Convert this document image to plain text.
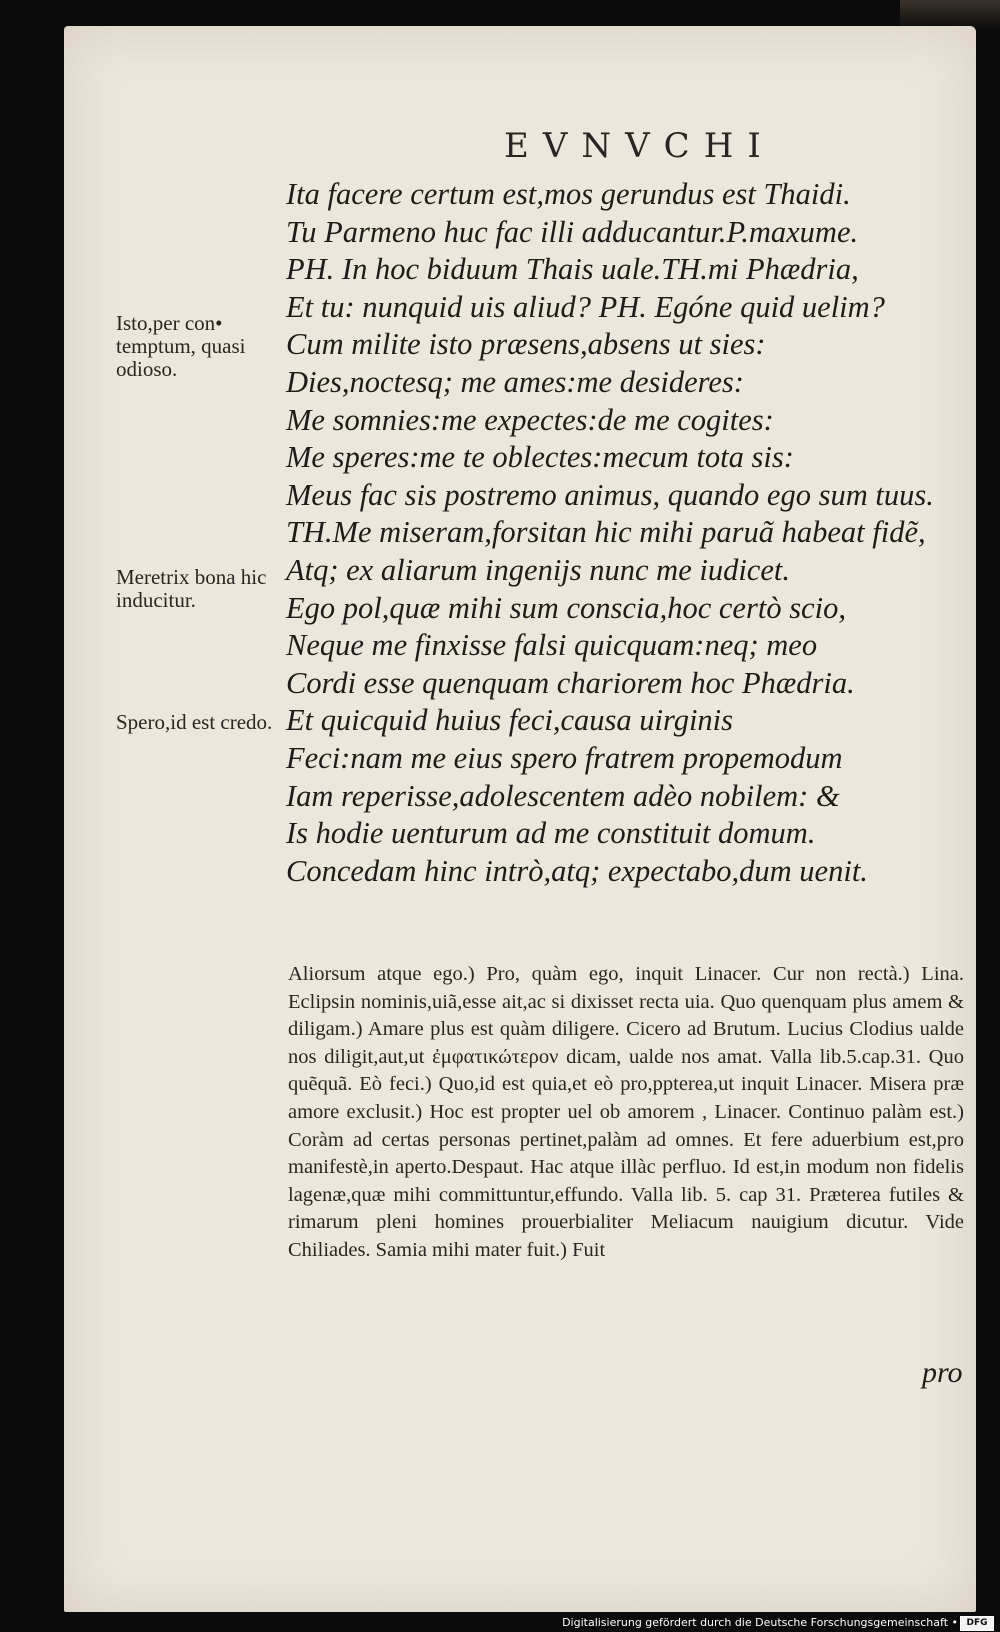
EVNVCHI
Isto,per con• temptum, quasi odioso.
Meretrix bona hic inducitur.
Spero,id est credo.
Ita facere certum est,mos gerundus est Thaidi.
Tu Parmeno huc fac illi adducantur.P.maxume.
PH. In hoc biduum Thais uale.TH.mi Phædria,
Et tu: nunquid uis aliud? PH. Egóne quid uelim?
Cum milite isto præsens,absens ut sies:
Dies,noctesq; me ames:me desideres:
Me somnies:me expectes:de me cogites:
Me speres:me te oblectes:mecum tota sis:
Meus fac sis postremo animus, quando ego sum tuus.
TH.Me miseram,forsitan hic mihi paruã habeat fidẽ,
Atq; ex aliarum ingenijs nunc me iudicet.
Ego pol,quæ mihi sum conscia,hoc certò scio,
Neque me finxisse falsi quicquam:neq; meo
Cordi esse quenquam chariorem hoc Phædria.
Et quicquid huius feci,causa uirginis
Feci:nam me eius spero fratrem propemodum
Iam reperisse,adolescentem adèo nobilem: &
Is hodie uenturum ad me constituit domum.
Concedam hinc intrò,atq; expectabo,dum uenit.

Aliorsum atque ego.) Pro, quàm ego, inquit Linacer. Cur non rectà.) Lina. Eclipsin nominis,uiã,esse ait,ac si dixisset recta uia. Quo quenquam plus amem & diligam.) Amare plus est quàm diligere. Cicero ad Brutum. Lucius Clodius ualde nos diligit,aut,ut ἐμφατικώτερον dicam, ualde nos amat. Valla lib.5.cap.31. Quo quẽquã. Eò feci.) Quo,id est quia,et eò pro,ppterea,ut inquit Linacer. Misera præ amore exclusit.) Hoc est propter uel ob amorem , Linacer. Continuo palàm est.) Coràm ad certas personas pertinet,palàm ad omnes. Et fere aduerbium est,pro manifestè,in aperto.Despaut. Hac atque illàc perfluo. Id est,in modum non fidelis lagenæ,quæ mihi committuntur,effundo. Valla lib. 5. cap 31. Præterea futiles & rimarum pleni homines prouerbialiter Meliacum nauigium dicutur. Vide Chiliades. Samia mihi mater fuit.) Fuit

pro
Digitalisierung gefördert durch die Deutsche Forschungsgemeinschaft • DFG
